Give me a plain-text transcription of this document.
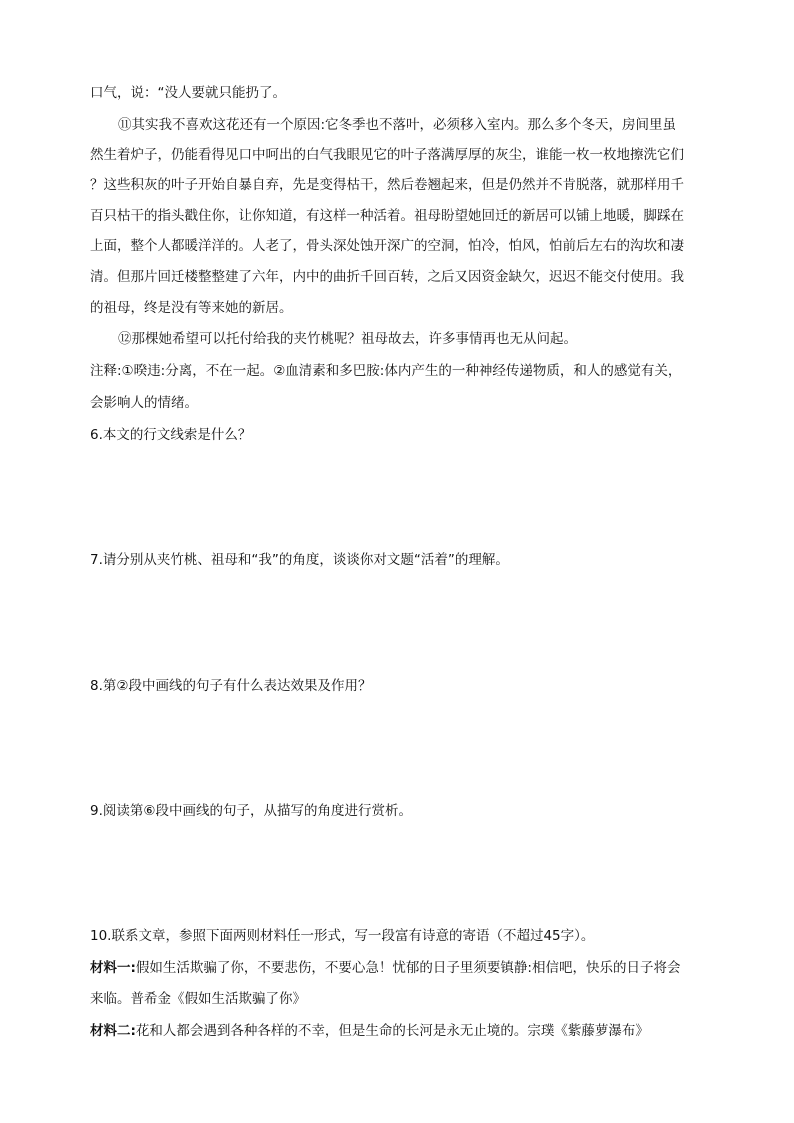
口气，说：“没人要就只能扔了。
⑪其实我不喜欢这花还有一个原因:它冬季也不落叶，必须移入室内。那么多个冬天，房间里虽
然生着炉子，仍能看得见口中呵出的白气我眼见它的叶子落满厚厚的灰尘，谁能一枚一枚地擦洗它们
？这些积灰的叶子开始自暴自弃，先是变得枯干，然后卷翘起来，但是仍然并不肯脱落，就那样用千
百只枯干的指头戳住你，让你知道，有这样一种活着。祖母盼望她回迁的新居可以铺上地暖，脚踩在
上面，整个人都暖洋洋的。人老了，骨头深处蚀开深广的空洞，怕冷，怕风，怕前后左右的沟坎和凄
清。但那片回迁楼整整建了六年，内中的曲折千回百转，之后又因资金缺欠，迟迟不能交付使用。我
的祖母，终是没有等来她的新居。
⑫那棵她希望可以托付给我的夹竹桃呢？祖母故去，许多事情再也无从问起。
注释:①暌违:分离，不在一起。②血清素和多巴胺:体内产生的一种神经传递物质，和人的感觉有关，
会影响人的情绪。
6.本文的行文线索是什么？
7.请分别从夹竹桃、祖母和“我”的角度，谈谈你对文题“活着”的理解。
8.第②段中画线的句子有什么表达效果及作用？
9.阅读第⑥段中画线的句子，从描写的角度进行赏析。
10.联系文章，参照下面两则材料任一形式，写一段富有诗意的寄语（不超过45字）。
材料一:假如生活欺骗了你，不要悲伤，不要心急！忧郁的日子里须要镇静:相信吧，快乐的日子将会
来临。普希金《假如生活欺骗了你》
材料二:花和人都会遇到各种各样的不幸，但是生命的长河是永无止境的。宗璞《紫藤萝瀑布》
